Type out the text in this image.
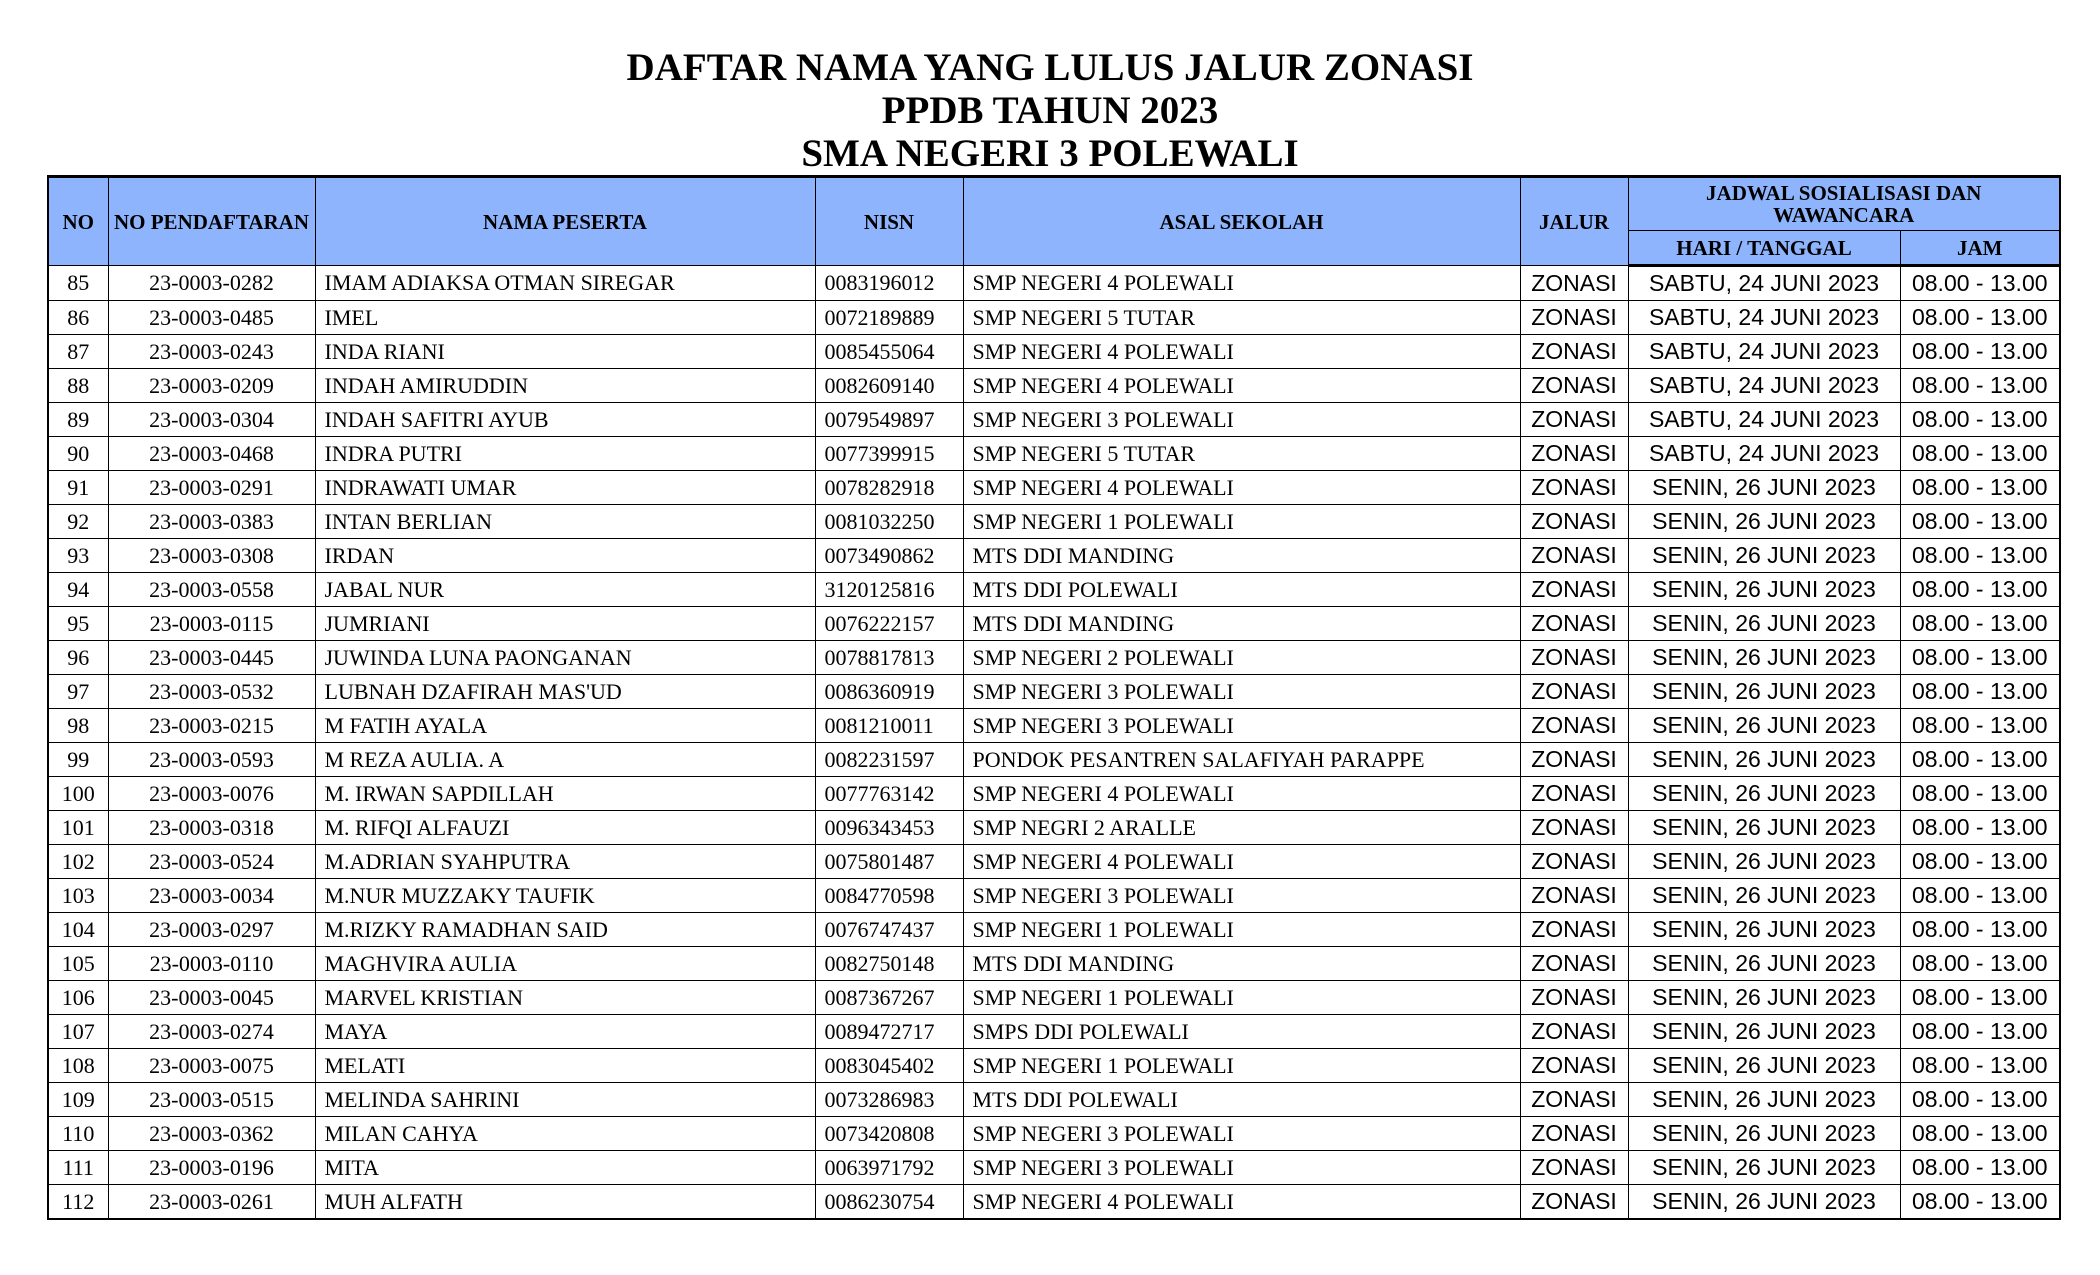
DAFTAR NAMA YANG LULUS JALUR ZONASI
PPDB TAHUN 2023
SMA NEGERI 3 POLEWALI
NO	NO PENDAFTARAN	NAMA PESERTA	NISN	ASAL SEKOLAH	JALUR	JADWAL SOSIALISASI DAN WAWANCARA	
						HARI / TANGGAL	JAM
85	23-0003-0282	IMAM ADIAKSA OTMAN SIREGAR	0083196012	SMP NEGERI 4 POLEWALI	ZONASI	SABTU, 24 JUNI 2023	08.00 - 13.00
86	23-0003-0485	IMEL	0072189889	SMP NEGERI 5 TUTAR	ZONASI	SABTU, 24 JUNI 2023	08.00 - 13.00
87	23-0003-0243	INDA RIANI	0085455064	SMP NEGERI 4 POLEWALI	ZONASI	SABTU, 24 JUNI 2023	08.00 - 13.00
88	23-0003-0209	INDAH AMIRUDDIN	0082609140	SMP NEGERI 4 POLEWALI	ZONASI	SABTU, 24 JUNI 2023	08.00 - 13.00
89	23-0003-0304	INDAH SAFITRI AYUB	0079549897	SMP NEGERI 3 POLEWALI	ZONASI	SABTU, 24 JUNI 2023	08.00 - 13.00
90	23-0003-0468	INDRA PUTRI	0077399915	SMP NEGERI 5 TUTAR	ZONASI	SABTU, 24 JUNI 2023	08.00 - 13.00
91	23-0003-0291	INDRAWATI UMAR	0078282918	SMP NEGERI 4 POLEWALI	ZONASI	SENIN, 26 JUNI 2023	08.00 - 13.00
92	23-0003-0383	INTAN BERLIAN	0081032250	SMP NEGERI 1 POLEWALI	ZONASI	SENIN, 26 JUNI 2023	08.00 - 13.00
93	23-0003-0308	IRDAN	0073490862	MTS DDI MANDING	ZONASI	SENIN, 26 JUNI 2023	08.00 - 13.00
94	23-0003-0558	JABAL NUR	3120125816	MTS DDI POLEWALI	ZONASI	SENIN, 26 JUNI 2023	08.00 - 13.00
95	23-0003-0115	JUMRIANI	0076222157	MTS DDI MANDING	ZONASI	SENIN, 26 JUNI 2023	08.00 - 13.00
96	23-0003-0445	JUWINDA LUNA PAONGANAN	0078817813	SMP NEGERI 2 POLEWALI	ZONASI	SENIN, 26 JUNI 2023	08.00 - 13.00
97	23-0003-0532	LUBNAH DZAFIRAH MAS'UD	0086360919	SMP NEGERI 3 POLEWALI	ZONASI	SENIN, 26 JUNI 2023	08.00 - 13.00
98	23-0003-0215	M FATIH AYALA	0081210011	SMP NEGERI 3 POLEWALI	ZONASI	SENIN, 26 JUNI 2023	08.00 - 13.00
99	23-0003-0593	M REZA AULIA. A	0082231597	PONDOK PESANTREN SALAFIYAH PARAPPE	ZONASI	SENIN, 26 JUNI 2023	08.00 - 13.00
100	23-0003-0076	M. IRWAN SAPDILLAH	0077763142	SMP NEGERI 4 POLEWALI	ZONASI	SENIN, 26 JUNI 2023	08.00 - 13.00
101	23-0003-0318	M. RIFQI ALFAUZI	0096343453	SMP NEGRI 2 ARALLE	ZONASI	SENIN, 26 JUNI 2023	08.00 - 13.00
102	23-0003-0524	M.ADRIAN SYAHPUTRA	0075801487	SMP NEGERI 4 POLEWALI	ZONASI	SENIN, 26 JUNI 2023	08.00 - 13.00
103	23-0003-0034	M.NUR MUZZAKY TAUFIK	0084770598	SMP NEGERI 3 POLEWALI	ZONASI	SENIN, 26 JUNI 2023	08.00 - 13.00
104	23-0003-0297	M.RIZKY RAMADHAN SAID	0076747437	SMP NEGERI 1 POLEWALI	ZONASI	SENIN, 26 JUNI 2023	08.00 - 13.00
105	23-0003-0110	MAGHVIRA AULIA	0082750148	MTS DDI MANDING	ZONASI	SENIN, 26 JUNI 2023	08.00 - 13.00
106	23-0003-0045	MARVEL KRISTIAN	0087367267	SMP NEGERI 1 POLEWALI	ZONASI	SENIN, 26 JUNI 2023	08.00 - 13.00
107	23-0003-0274	MAYA	0089472717	SMPS DDI POLEWALI	ZONASI	SENIN, 26 JUNI 2023	08.00 - 13.00
108	23-0003-0075	MELATI	0083045402	SMP NEGERI 1 POLEWALI	ZONASI	SENIN, 26 JUNI 2023	08.00 - 13.00
109	23-0003-0515	MELINDA SAHRINI	0073286983	MTS DDI POLEWALI	ZONASI	SENIN, 26 JUNI 2023	08.00 - 13.00
110	23-0003-0362	MILAN CAHYA	0073420808	SMP NEGERI 3 POLEWALI	ZONASI	SENIN, 26 JUNI 2023	08.00 - 13.00
111	23-0003-0196	MITA	0063971792	SMP NEGERI 3 POLEWALI	ZONASI	SENIN, 26 JUNI 2023	08.00 - 13.00
112	23-0003-0261	MUH ALFATH	0086230754	SMP NEGERI 4 POLEWALI	ZONASI	SENIN, 26 JUNI 2023	08.00 - 13.00
